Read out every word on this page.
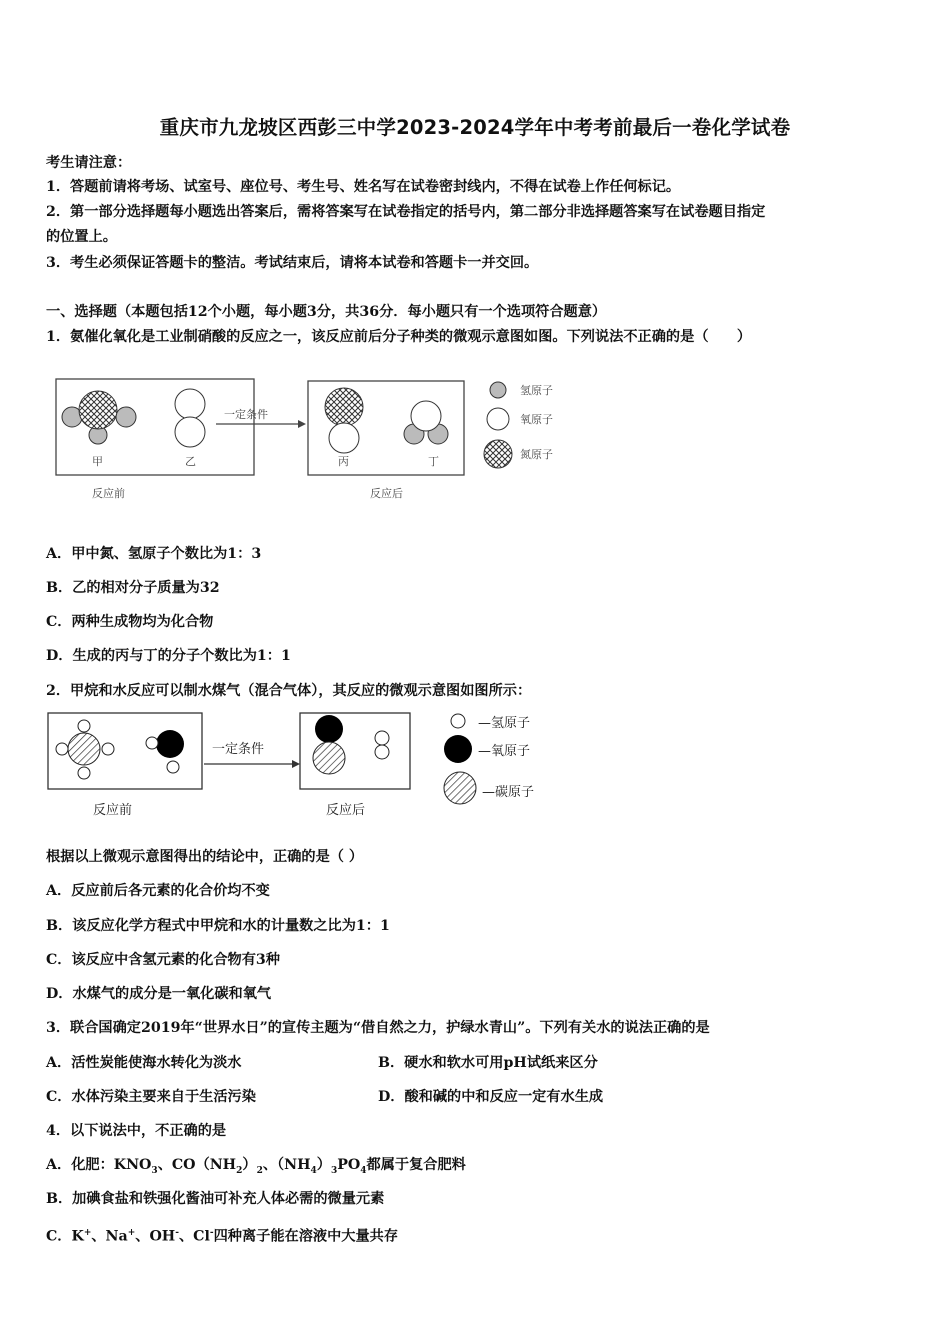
重庆市九龙坡区西彭三中学2023-2024学年中考考前最后一卷化学试卷
考生请注意：
1．答题前请将考场、试室号、座位号、考生号、姓名写在试卷密封线内，不得在试卷上作任何标记。
2．第一部分选择题每小题选出答案后，需将答案写在试卷指定的括号内，第二部分非选择题答案写在试卷题目指定
的位置上。
3．考生必须保证答题卡的整洁。考试结束后，请将本试卷和答题卡一并交回。
一、选择题（本题包括12个小题，每小题3分，共36分．每小题只有一个选项符合题意）
1．氨催化氧化是工业制硝酸的反应之一，该反应前后分子种类的微观示意图如图。下列说法不正确的是（　　）
甲	乙
反应前
一定条件
丙	丁
反应后
氢原子
氧原子
氮原子
A．甲中氮、氢原子个数比为1：3
B．乙的相对分子质量为32
C．两种生成物均为化合物
D．生成的丙与丁的分子个数比为1：1
2．甲烷和水反应可以制水煤气（混合气体），其反应的微观示意图如图所示：
反应前
一定条件
反应后
—氢原子
—氧原子
—碳原子
根据以上微观示意图得出的结论中，正确的是（ ）
A．反应前后各元素的化合价均不变
B．该反应化学方程式中甲烷和水的计量数之比为1：1
C．该反应中含氢元素的化合物有3种
D．水煤气的成分是一氧化碳和氧气
3．联合国确定2019年“世界水日”的宣传主题为“借自然之力，护绿水青山”。下列有关水的说法正确的是
A．活性炭能使海水转化为淡水	B．硬水和软水可用pH试纸来区分
C．水体污染主要来自于生活污染	D．酸和碱的中和反应一定有水生成
4．以下说法中，不正确的是
A．化肥：$KNO_3$、$CO(NH_2)_2$、$(NH_4)_3PO_4$都属于复合肥料
B．加碘食盐和铁强化酱油可补充人体必需的微量元素
C．K+、Na+、OH-、Cl-四种离子能在溶液中大量共存
